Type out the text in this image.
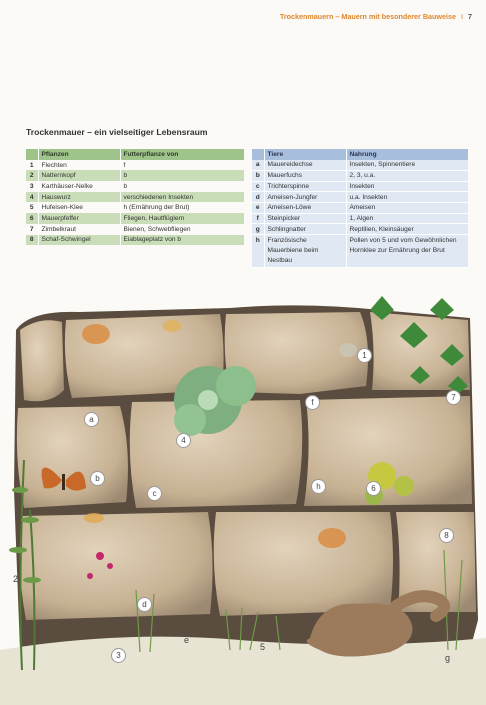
Trockenmauern – Mauern mit besonderer Bauweise I 7
Trockenmauer – ein vielseitiger Lebensraum
	Pflanzen	Futterpflanze von
1	Flechten	f
2	Natternkopf	b
3	Karthäuser-Nelke	b
4	Hauswurz	verschiedenen Insekten
5	Hufeisen-Klee	h (Ernährung der Brut)
6	Mauerpfeffer	Fliegen, Hautflüglern
7	Zimbelkraut	Bienen, Schwebfliegen
8	Schaf-Schwingel	Eiablageplatz von b
	Tiere	Nahrung
a	Mauereidechse	Insekten, Spinnentiere
b	Mauerfuchs	2, 3, u.a.
c	Trichterspinne	Insekten
d	Ameisen-Jungfer	u.a. Insekten
e	Ameisen-Löwe	Ameisen
f	Steinpicker	1, Algen
g	Schlingnatter	Reptilien, Kleinsäuger
h	Französische Mauerbiene beim Nestbau	Pollen von 5 und vom Gewöhnlichen Hornklee zur Ernährung der Brut
1
a
f
7
4
b
h	6
c
8
2
d
e
3
5
g
